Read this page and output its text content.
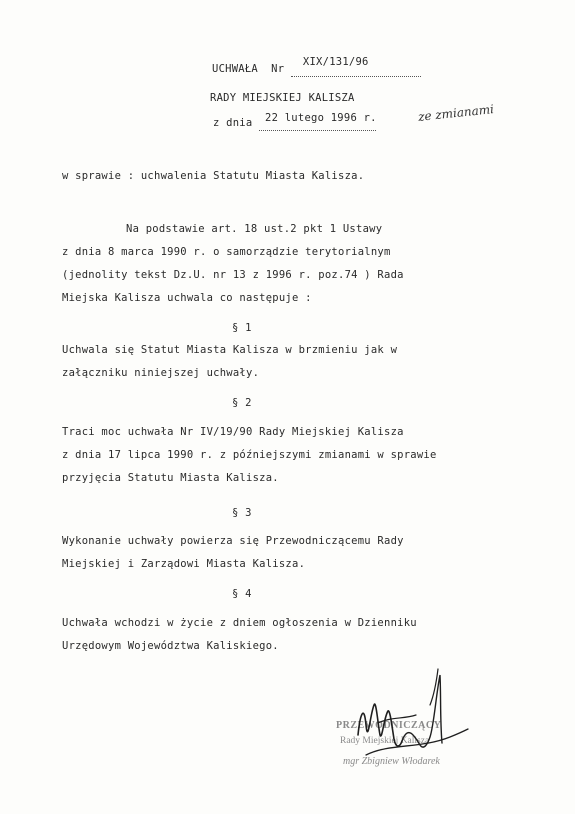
UCHWAŁA Nr
XIX/131/96

RADY MIEJSKIEJ KALISZA
z dnia 22 lutego 1996 r.
	ze zmianami
w sprawie : uchwalenia Statutu Miasta Kalisza.
Na podstawie art. 18 ust.2 pkt 1 Ustawy
z dnia 8 marca 1990 r. o samorządzie terytorialnym
(jednolity tekst Dz.U. nr 13 z 1996 r. poz.74 ) Rada
Miejska Kalisza uchwala co następuje :
§ 1
Uchwala się Statut Miasta Kalisza w brzmieniu jak w
załączniku niniejszej uchwały.
§ 2
Traci moc uchwała Nr IV/19/90 Rady Miejskiej Kalisza
z dnia 17 lipca 1990 r. z późniejszymi zmianami w sprawie
przyjęcia Statutu Miasta Kalisza.
§ 3
Wykonanie uchwały powierza się Przewodniczącemu Rady
Miejskiej i Zarządowi Miasta Kalisza.
§ 4
Uchwała wchodzi w życie z dniem ogłoszenia w Dzienniku
Urzędowym Województwa Kaliskiego.
PRZEWODNICZĄCY
Rady Miejskiej Kalisza
mgr Zbigniew Włodarek
